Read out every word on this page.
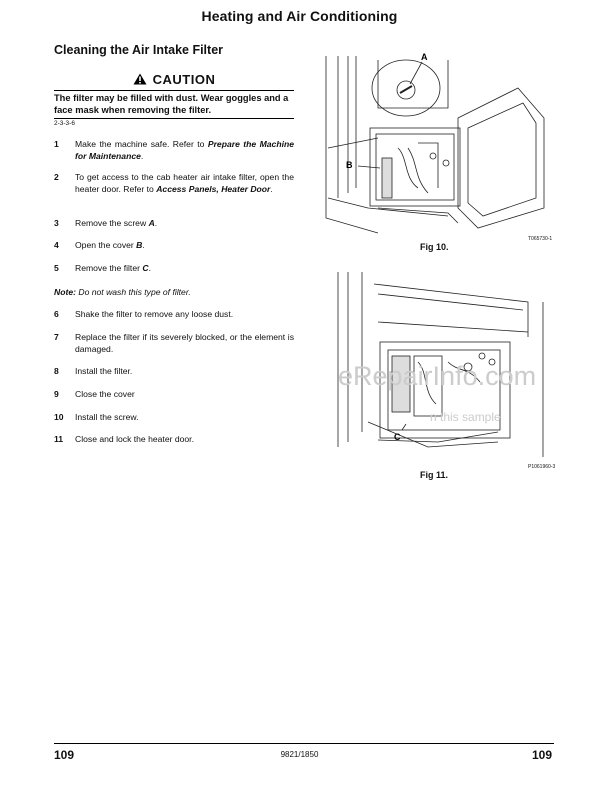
Heating and Air Conditioning
Cleaning the Air Intake Filter
CAUTION
The filter may be filled with dust. Wear goggles and a face mask when removing the filter.
2-3-3-6
1	Make the machine safe. Refer to Prepare the Machine for Maintenance.
2	To get access to the cab heater air intake filter, open the heater door. Refer to Access Panels, Heater Door.
3	Remove the screw A.
4	Open the cover B.
5	Remove the filter C.
Note: Do not wash this type of filter.
6	Shake the filter to remove any loose dust.
7	Replace the filter if its severely blocked, or the element is damaged.
8	Install the filter.
9	Close the cover
10	Install the screw.
11	Close and lock the heater door.
A
B
Fig 10.
T065730-1
C
Fig 11.
P1061960-3
eRepairInfo.com
n this sample
109	9821/1850	109
